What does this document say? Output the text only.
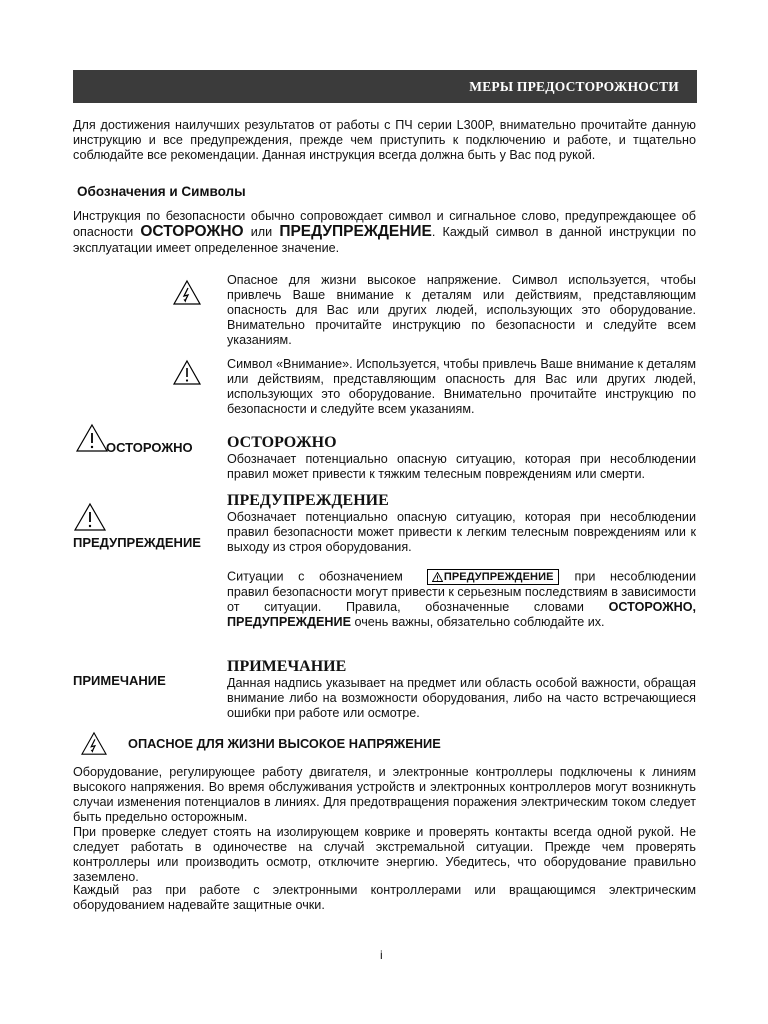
МЕРЫ ПРЕДОСТОРОЖНОСТИ

Для достижения наилучших результатов от работы с ПЧ серии L300P, внимательно прочитайте данную инструкцию и все предупреждения, прежде чем приступить к подключению и работе, и тщательно соблюдайте все рекомендации. Данная инструкция всегда должна быть у Вас под рукой.

Обозначения и Символы

Инструкция по безопасности обычно сопровождает символ и сигнальное слово, предупреждающее об опасности ОСТОРОЖНО или ПРЕДУПРЕЖДЕНИЕ. Каждый символ в данной инструкции по эксплуатации имеет определенное значение.

Опасное для жизни высокое напряжение. Символ используется, чтобы привлечь Ваше внимание к деталям или действиям, представляющим опасность для Вас или других людей, использующих это оборудование. Внимательно прочитайте инструкцию по безопасности и следуйте всем указаниям.

Символ «Внимание». Используется, чтобы привлечь Ваше внимание к деталям или действиям, представляющим опасность для Вас или других людей, использующих это оборудование. Внимательно прочитайте инструкцию по безопасности и следуйте всем указаниям.

ОСТОРОЖНО ОСТОРОЖНО

Обозначает потенциально опасную ситуацию, которая при несоблюдении правил может привести к тяжким телесным повреждениям или смерти.

ПРЕДУПРЕЖДЕНИЕ

ПРЕДУПРЕЖДЕНИЕ

Обозначает потенциально опасную ситуацию, которая при несоблюдении правил безопасности может привести к легким телесным повреждениям или к выходу из строя оборудования.

Ситуации с обозначением	ПРЕДУПРЕЖДЕНИЕ при несоблюдении правил безопасности могут привести к серьезным последствиям в зависимости от ситуации. Правила, обозначенные словами ОСТОРОЖНО, ПРЕДУПРЕЖДЕНИЕ очень важны, обязательно соблюдайте их.

ПРИМЕЧАНИЕ

ПРИМЕЧАНИЕ

Данная надпись указывает на предмет или область особой важности, обращая внимание либо на возможности оборудования, либо на часто встречающиеся ошибки при работе или осмотре.

ОПАСНОЕ ДЛЯ ЖИЗНИ ВЫСОКОЕ НАПРЯЖЕНИЕ

Оборудование, регулирующее работу двигателя, и электронные контроллеры подключены к линиям высокого напряжения. Во время обслуживания устройств и электронных контроллеров могут возникнуть случаи изменения потенциалов в линиях. Для предотвращения поражения электрическим током следует быть предельно осторожным.

При проверке следует стоять на изолирующем коврике и проверять контакты всегда одной рукой. Не следует работать в одиночестве на случай экстремальной ситуации. Прежде чем проверять контроллеры или производить осмотр, отключите энергию. Убедитесь, что оборудование правильно заземлено.

Каждый раз при работе с электронными контроллерами или вращающимся электрическим оборудованием надевайте защитные очки.

i
